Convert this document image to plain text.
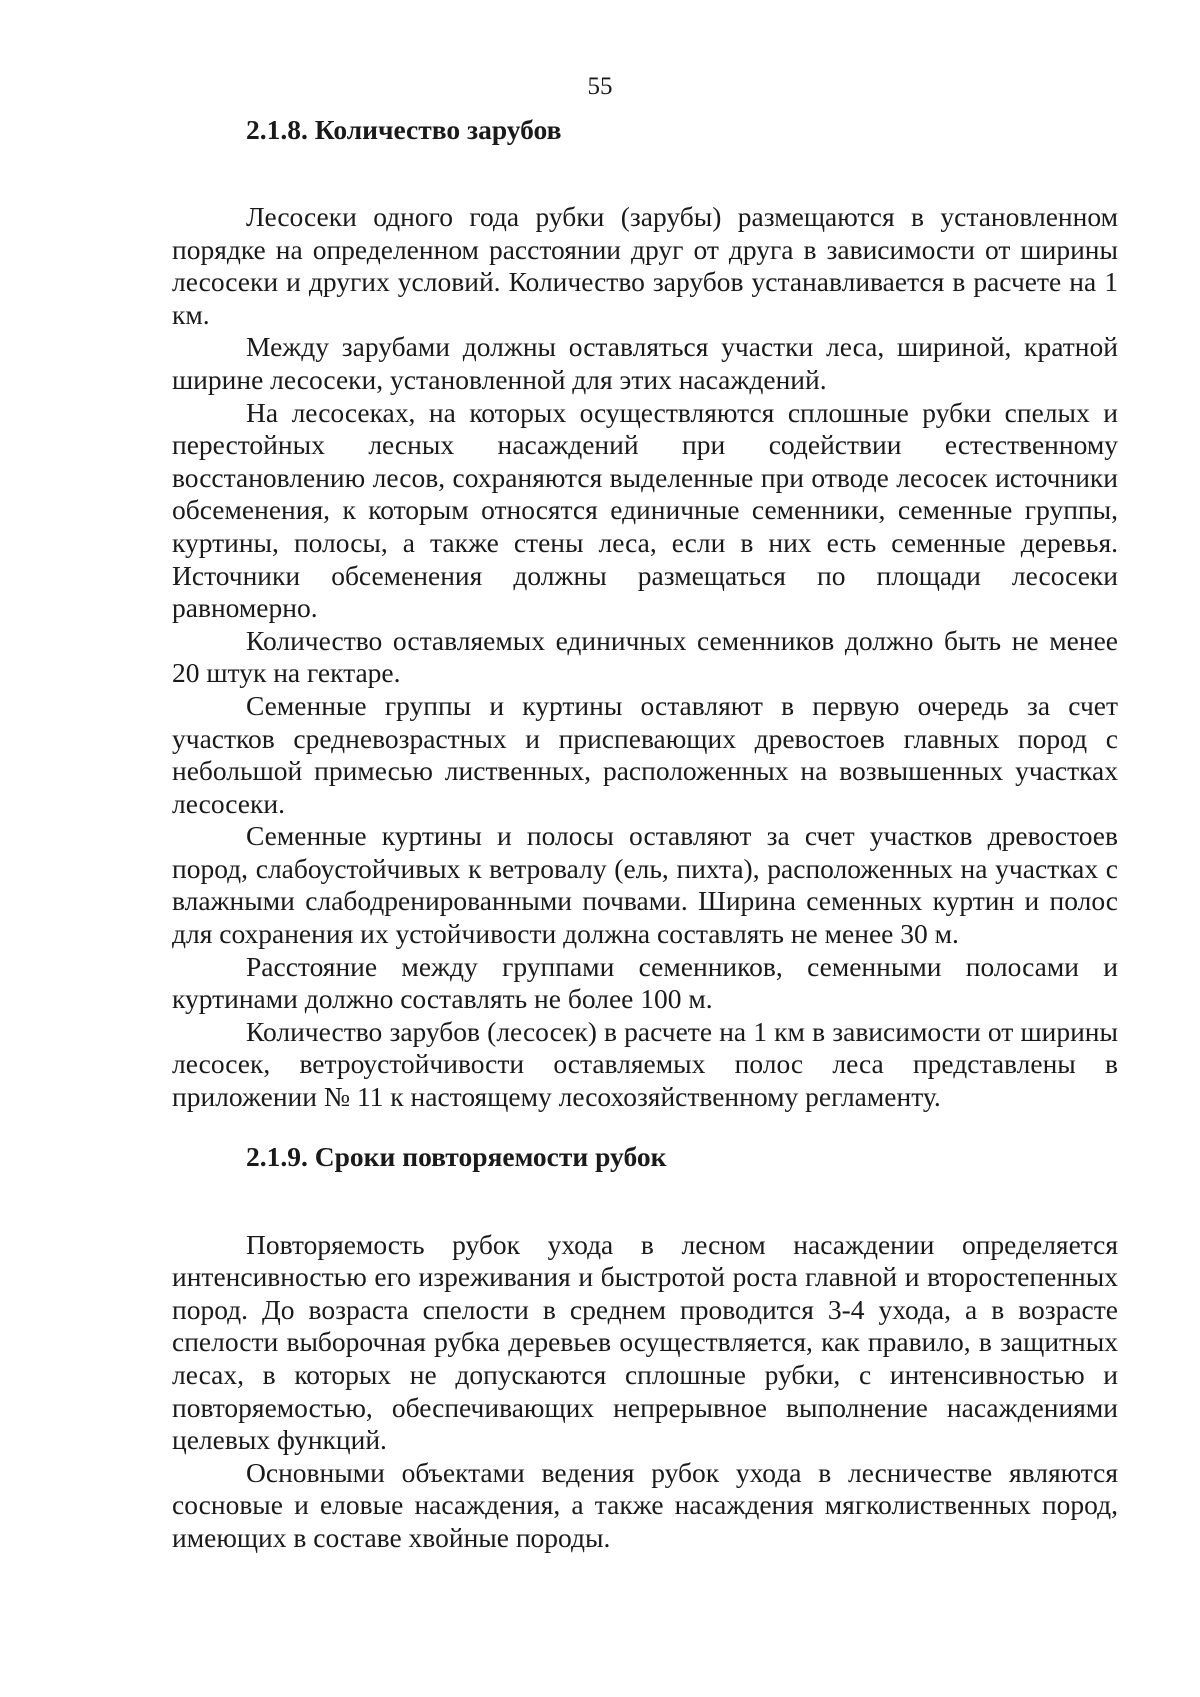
55
2.1.8. Количество зарубов

Лесосеки одного года рубки (зарубы) размещаются в установленном порядке на определенном расстоянии друг от друга в зависимости от ширины лесосеки и других условий. Количество зарубов устанавливается в расчете на 1 км.

Между зарубами должны оставляться участки леса, шириной, кратной ширине лесосеки, установленной для этих насаждений.

На лесосеках, на которых осуществляются сплошные рубки спелых и перестойных лесных насаждений при содействии естественному восстановлению лесов, сохраняются выделенные при отводе лесосек источники обсеменения, к которым относятся единичные семенники, семенные группы, куртины, полосы, а также стены леса, если в них есть семенные деревья. Источники обсеменения должны размещаться по площади лесосеки равномерно.

Количество оставляемых единичных семенников должно быть не менее 20 штук на гектаре.

Семенные группы и куртины оставляют в первую очередь за счет участков средневозрастных и приспевающих древостоев главных пород с небольшой примесью лиственных, расположенных на возвышенных участках лесосеки.

Семенные куртины и полосы оставляют за счет участков древостоев пород, слабоустойчивых к ветровалу (ель, пихта), расположенных на участках с влажными слабодренированными почвами. Ширина семенных куртин и полос для сохранения их устойчивости должна составлять не менее 30 м.

Расстояние между группами семенников, семенными полосами и куртинами должно составлять не более 100 м.

Количество зарубов (лесосек) в расчете на 1 км в зависимости от ширины лесосек, ветроустойчивости оставляемых полос леса представлены в приложении № 11 к настоящему лесохозяйственному регламенту.

2.1.9. Сроки повторяемости рубок

Повторяемость рубок ухода в лесном насаждении определяется интенсивностью его изреживания и быстротой роста главной и второстепенных пород. До возраста спелости в среднем проводится 3-4 ухода, а в возрасте спелости выборочная рубка деревьев осуществляется, как правило, в защитных лесах, в которых не допускаются сплошные рубки, с интенсивностью и повторяемостью, обеспечивающих непрерывное выполнение насаждениями целевых функций.

Основными объектами ведения рубок ухода в лесничестве являются сосновые и еловые насаждения, а также насаждения мягколиственных пород, имеющих в составе хвойные породы.
